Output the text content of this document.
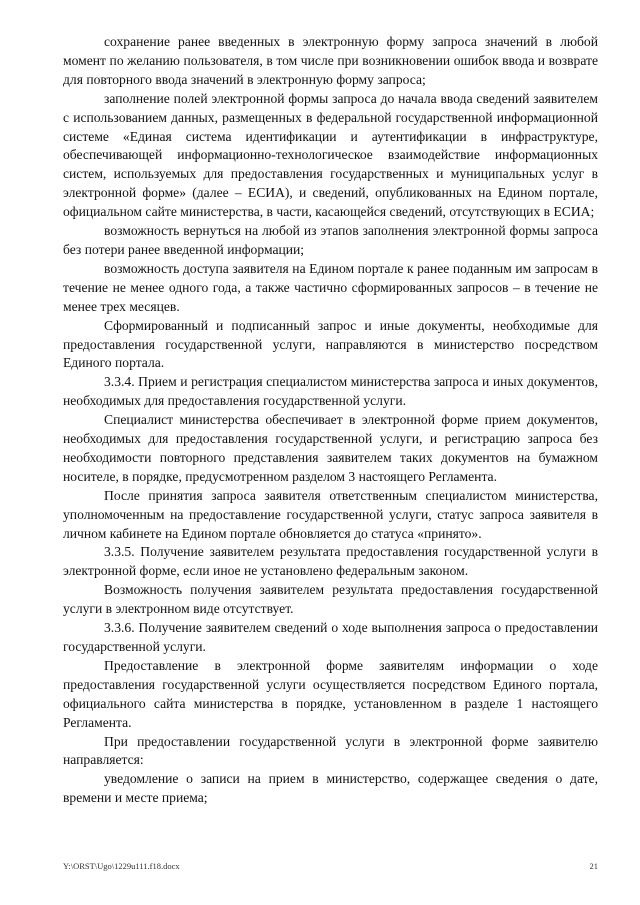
сохранение ранее введенных в электронную форму запроса значений в любой момент по желанию пользователя, в том числе при возникновении ошибок ввода и возврате для повторного ввода значений в электронную форму запроса;

заполнение полей электронной формы запроса до начала ввода сведений заявителем с использованием данных, размещенных в федеральной государственной информационной системе «Единая система идентификации и аутентификации в инфраструктуре, обеспечивающей информационно-технологическое взаимодействие информационных систем, используемых для предоставления государственных и муниципальных услуг в электронной форме» (далее – ЕСИА), и сведений, опубликованных на Едином портале, официальном сайте министерства, в части, касающейся сведений, отсутствующих в ЕСИА;

возможность вернуться на любой из этапов заполнения электронной формы запроса без потери ранее введенной информации;

возможность доступа заявителя на Едином портале к ранее поданным им запросам в течение не менее одного года, а также частично сформированных запросов – в течение не менее трех месяцев.

Сформированный и подписанный запрос и иные документы, необходимые для предоставления государственной услуги, направляются в министерство посредством Единого портала.

3.3.4. Прием и регистрация специалистом министерства запроса и иных документов, необходимых для предоставления государственной услуги.

Специалист министерства обеспечивает в электронной форме прием документов, необходимых для предоставления государственной услуги, и регистрацию запроса без необходимости повторного представления заявителем таких документов на бумажном носителе, в порядке, предусмотренном разделом 3 настоящего Регламента.

После принятия запроса заявителя ответственным специалистом министерства, уполномоченным на предоставление государственной услуги, статус запроса заявителя в личном кабинете на Едином портале обновляется до статуса «принято».

3.3.5. Получение заявителем результата предоставления государственной услуги в электронной форме, если иное не установлено федеральным законом.

Возможность получения заявителем результата предоставления государственной услуги в электронном виде отсутствует.

3.3.6. Получение заявителем сведений о ходе выполнения запроса о предоставлении государственной услуги.

Предоставление в электронной форме заявителям информации о ходе предоставления государственной услуги осуществляется посредством Единого портала, официального сайта министерства в порядке, установленном в разделе 1 настоящего Регламента.

При предоставлении государственной услуги в электронной форме заявителю направляется:

уведомление о записи на прием в министерство, содержащее сведения о дате, времени и месте приема;

Y:\ORST\Ugo\1229u111.f18.docx	21
